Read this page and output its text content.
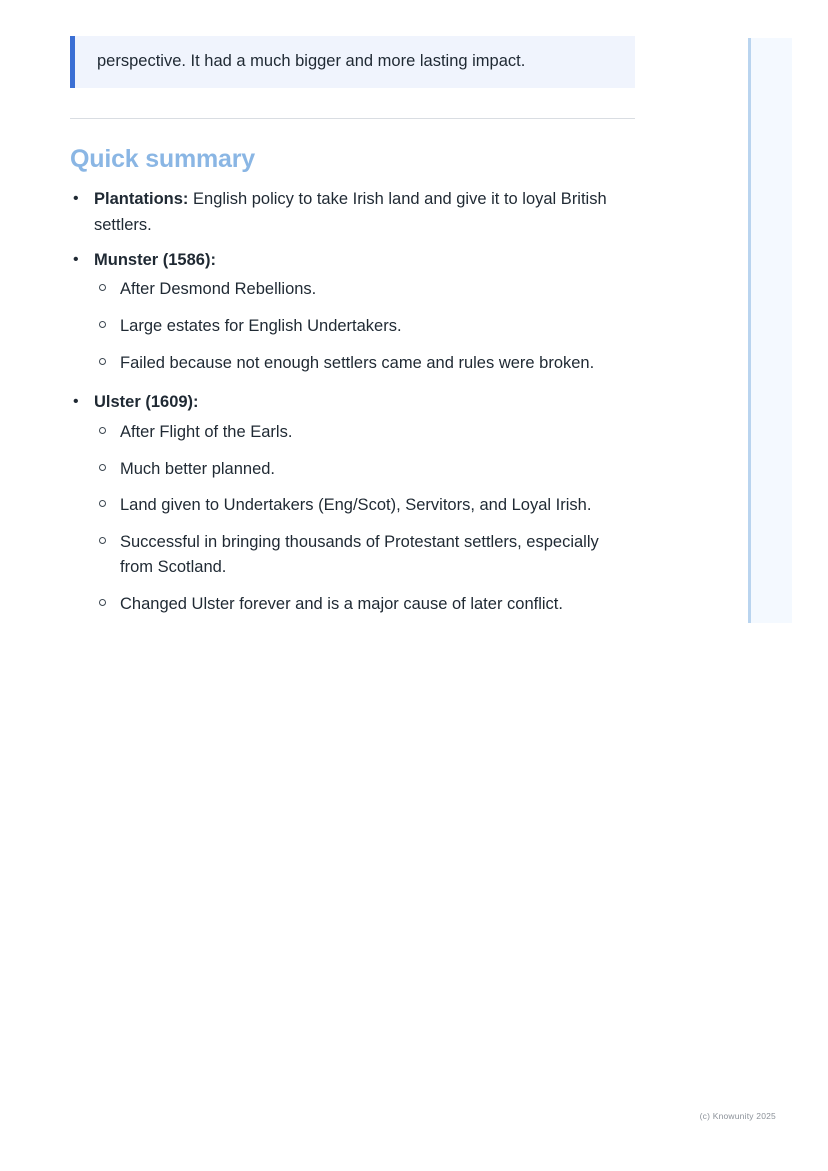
perspective. It had a much bigger and more lasting impact.
Quick summary
• Plantations: English policy to take Irish land and give it to loyal British settlers.
• Munster (1586):
After Desmond Rebellions.
Large estates for English Undertakers.
Failed because not enough settlers came and rules were broken.
• Ulster (1609):
After Flight of the Earls.
Much better planned.
Land given to Undertakers (Eng/Scot), Servitors, and Loyal Irish.
Successful in bringing thousands of Protestant settlers, especially from Scotland.
Changed Ulster forever and is a major cause of later conflict.
(c) Knowunity 2025
